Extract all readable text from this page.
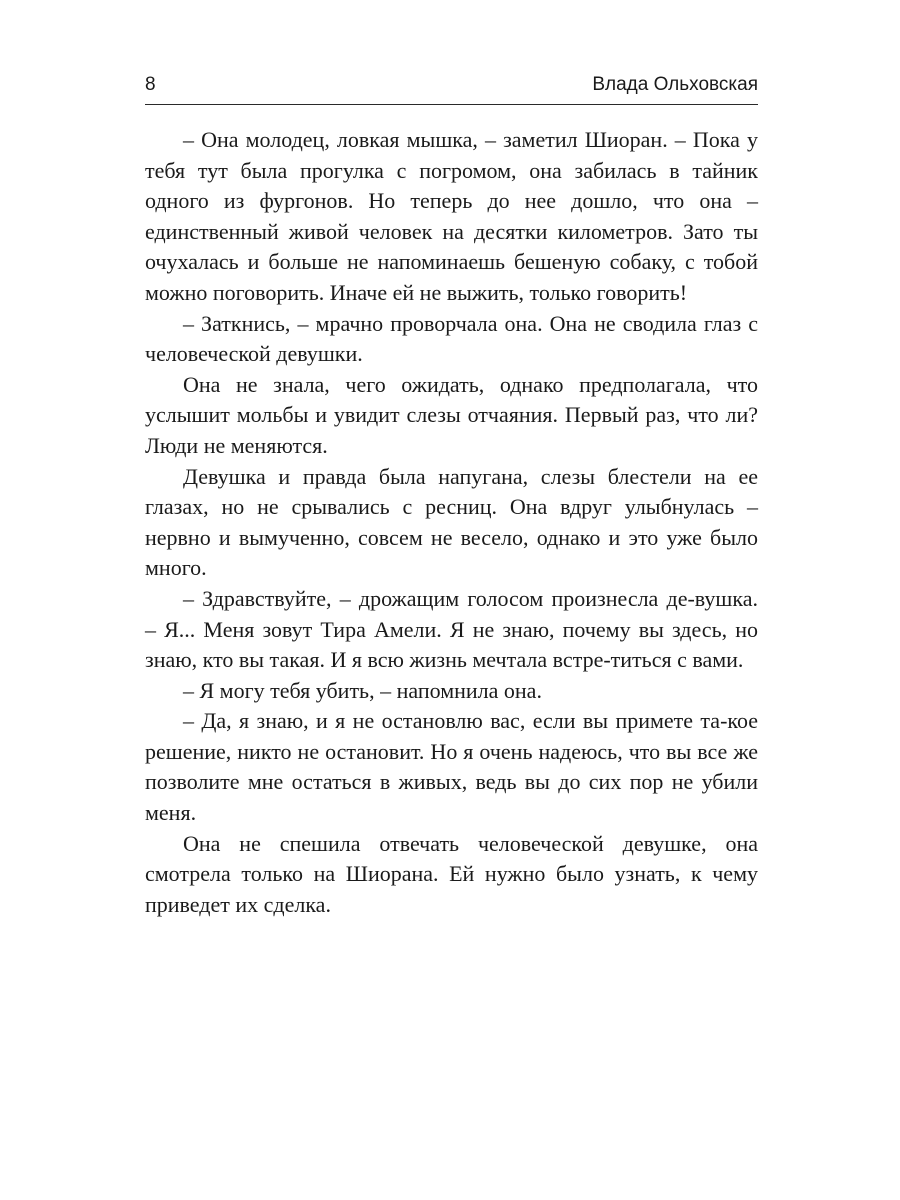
8	Влада Ольховская

– Она молодец, ловкая мышка, – заметил Шиоран. – Пока у тебя тут была прогулка с погромом, она забилась в тайник одного из фургонов. Но теперь до нее дошло, что она – единственный живой человек на десятки километров. Зато ты очухалась и больше не напоминаешь бешеную собаку, с тобой можно поговорить. Иначе ей не выжить, только говорить!

– Заткнись, – мрачно проворчала она. Она не сводила глаз с человеческой девушки.

Она не знала, чего ожидать, однако предполагала, что услышит мольбы и увидит слезы отчаяния. Первый раз, что ли? Люди не меняются.

Девушка и правда была напугана, слезы блестели на ее глазах, но не срывались с ресниц. Она вдруг улыбнулась – нервно и вымученно, совсем не весело, однако и это уже было много.

– Здравствуйте, – дрожащим голосом произнесла де-вушка. – Я... Меня зовут Тира Амели. Я не знаю, почему вы здесь, но знаю, кто вы такая. И я всю жизнь мечтала встре-титься с вами.

– Я могу тебя убить, – напомнила она.

– Да, я знаю, и я не остановлю вас, если вы примете та-кое решение, никто не остановит. Но я очень надеюсь, что вы все же позволите мне остаться в живых, ведь вы до сих пор не убили меня.

Она не спешила отвечать человеческой девушке, она смотрела только на Шиорана. Ей нужно было узнать, к чему приведет их сделка.
